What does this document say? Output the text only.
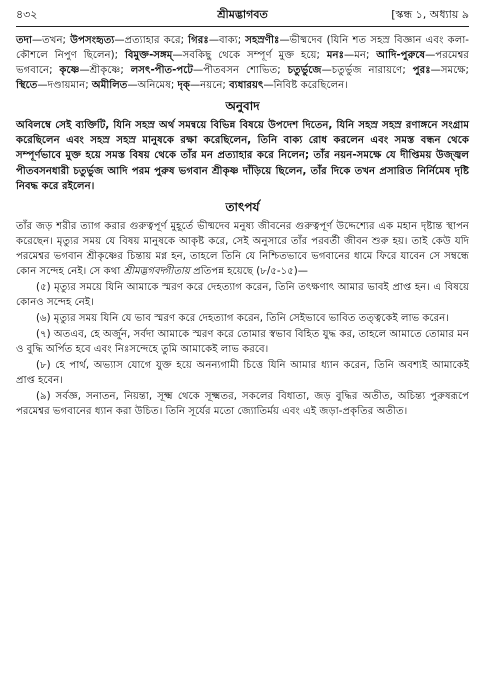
৪৩২	শ্রীমদ্ভাগবত	[স্কন্ধ ১, অধ্যায় ৯

তদা—তখন; উপসংহৃত্য—প্রত্যাহার করে; গিরঃ—বাক্য; সহস্রণীঃ—ভীষ্মদেব (যিনি শত সহস্র বিজ্ঞান এবং কলা-কৌশলে নিপুণ ছিলেন); বিমুক্ত-সঙ্গম্—সবকিছু থেকে সম্পূর্ণ মুক্ত হয়ে; মনঃ—মন; আদি-পুরুষে—পরমেশ্বর ভগবানে; কৃষ্ণে—শ্রীকৃষ্ণে; লসৎ-পীত-পটে—পীতবসন শোভিত; চতুর্ভুজে—চতুর্ভুজ নারায়ণে; পুরঃ—সমক্ষে; স্থিতে—দণ্ডায়মান; অমীলিত—অনিমেষ; দৃক্—নয়নে; ব্যধারয়ৎ—নিবিষ্ট করেছিলেন।

অনুবাদ

অবিলম্বে সেই ব্যক্তিটি, যিনি সহস্র অর্থ সমন্বয়ে বিভিন্ন বিষয়ে উপদেশ দিতেন, যিনি সহস্র সহস্র রণাঙ্গনে সংগ্রাম করেছিলেন এবং সহস্র সহস্র মানুষকে রক্ষা করেছিলেন, তিনি বাক্য রোধ করলেন এবং সমস্ত বন্ধন থেকে সম্পূর্ণভাবে মুক্ত হয়ে সমস্ত বিষয় থেকে তাঁর মন প্রত্যাহার করে নিলেন; তাঁর নয়ন-সমক্ষে যে দীপ্তিময় উজ্জ্বল পীতবসনধারী চতুর্ভুজ আদি পরম পুরুষ ভগবান শ্রীকৃষ্ণ দাঁড়িয়ে ছিলেন, তাঁর দিকে তখন প্রসারিত নির্নিমেষ দৃষ্টি নিবদ্ধ করে রইলেন।

তাৎপর্য

তাঁর জড় শরীর ত্যাগ করার গুরুত্বপূর্ণ মুহূর্তে ভীষ্মদেব মনুষ্য জীবনের গুরুত্বপূর্ণ উদ্দেশ্যের এক মহান দৃষ্টান্ত স্থাপন করেছেন। মৃত্যুর সময় যে বিষয় মানুষকে আকৃষ্ট করে, সেই অনুসারে তাঁর পরবর্তী জীবন শুরু হয়। তাই কেউ যদি পরমেশ্বর ভগবান শ্রীকৃষ্ণের চিন্তায় মগ্ন হন, তাহলে তিনি যে নিশ্চিতভাবে ভগবানের ধামে ফিরে যাবেন সে সম্বন্ধে কোন সন্দেহ নেই। সে কথা শ্রীমদ্ভগবদ্গীতায় প্রতিপন্ন হয়েছে (৮/৫-১৫)—

(৫) মৃত্যুর সময়ে যিনি আমাকে স্মরণ করে দেহত্যাগ করেন, তিনি তৎক্ষণাৎ আমার ভাবই প্রাপ্ত হন। এ বিষয়ে কোনও সন্দেহ নেই।

(৬) মৃত্যুর সময় যিনি যে ভাব স্মরণ করে দেহত্যাগ করেন, তিনি সেইভাবে ভাবিত তত্ত্বকেই লাভ করেন।

(৭) অতএব, হে অর্জুন, সর্বদা আমাকে স্মরণ করে তোমার স্বভাব বিহিত যুদ্ধ কর, তাহলে আমাতে তোমার মন ও বুদ্ধি অর্পিত হবে এবং নিঃসন্দেহে তুমি আমাকেই লাভ করবে।

(৮) হে পার্থ, অভ্যাস যোগে যুক্ত হয়ে অনন্যগামী চিত্তে যিনি আমার ধ্যান করেন, তিনি অবশ্যই আমাকেই প্রাপ্ত হবেন।

(৯) সর্বজ্ঞ, সনাতন, নিয়ন্তা, সূক্ষ্ম থেকে সূক্ষ্মতর, সকলের বিধাতা, জড় বুদ্ধির অতীত, অচিন্ত্য পুরুষরূপে পরমেশ্বর ভগবানের ধ্যান করা উচিত। তিনি সূর্যের মতো জ্যোতির্ময় এবং এই জড়া-প্রকৃতির অতীত।
